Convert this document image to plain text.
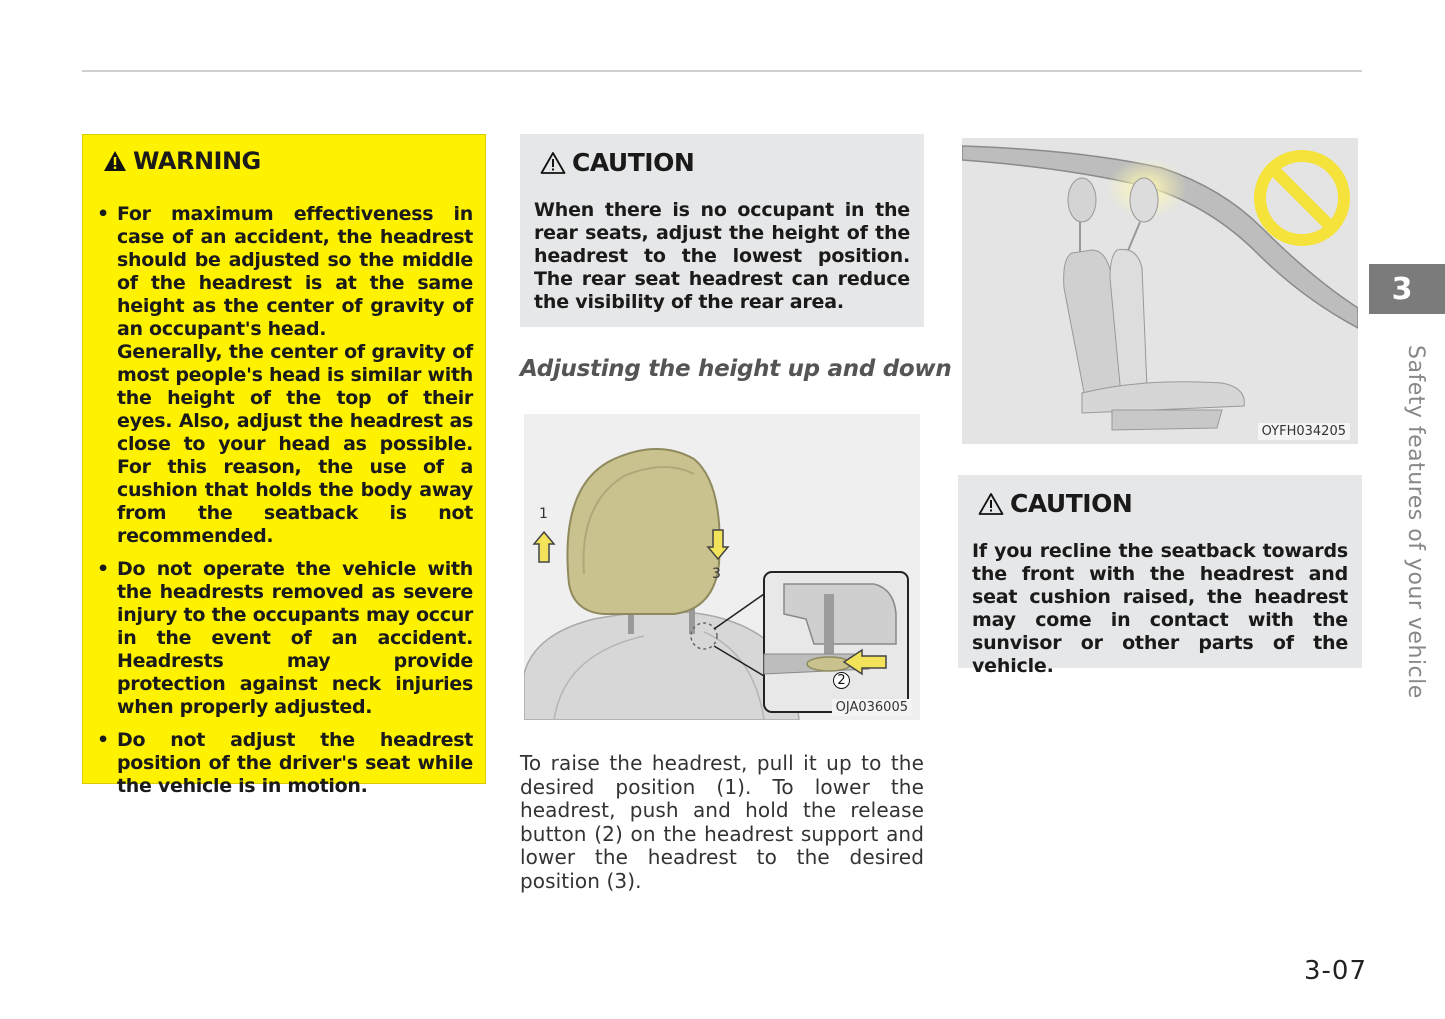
WARNING

• For maximum effectiveness in case of an accident, the headrest should be adjusted so the middle of the headrest is at the same height as the center of gravity of an occupant's head.

Generally, the center of gravity of most people's head is similar with the height of the top of their eyes. Also, adjust the headrest as close to your head as possible. For this reason, the use of a cushion that holds the body away from the seatback is not recommended.

• Do not operate the vehicle with the headrests removed as severe injury to the occupants may occur in the event of an accident. Headrests may provide protection against neck injuries when properly adjusted.

• Do not adjust the headrest position of the driver's seat while the vehicle is in motion.

CAUTION

When there is no occupant in the rear seats, adjust the height of the headrest to the lowest position. The rear seat headrest can reduce the visibility of the rear area.

Adjusting the height up and down
1
3
2
OJA036005

To raise the headrest, pull it up to the desired position (1). To lower the headrest, push and hold the release button (2) on the headrest support and lower the headrest to the desired position (3).

OYFH034205
CAUTION

If you recline the seatback towards the front with the headrest and seat cushion raised, the headrest may come in contact with the sunvisor or other parts of the vehicle.

3
Safety features of your vehicle
3-07
